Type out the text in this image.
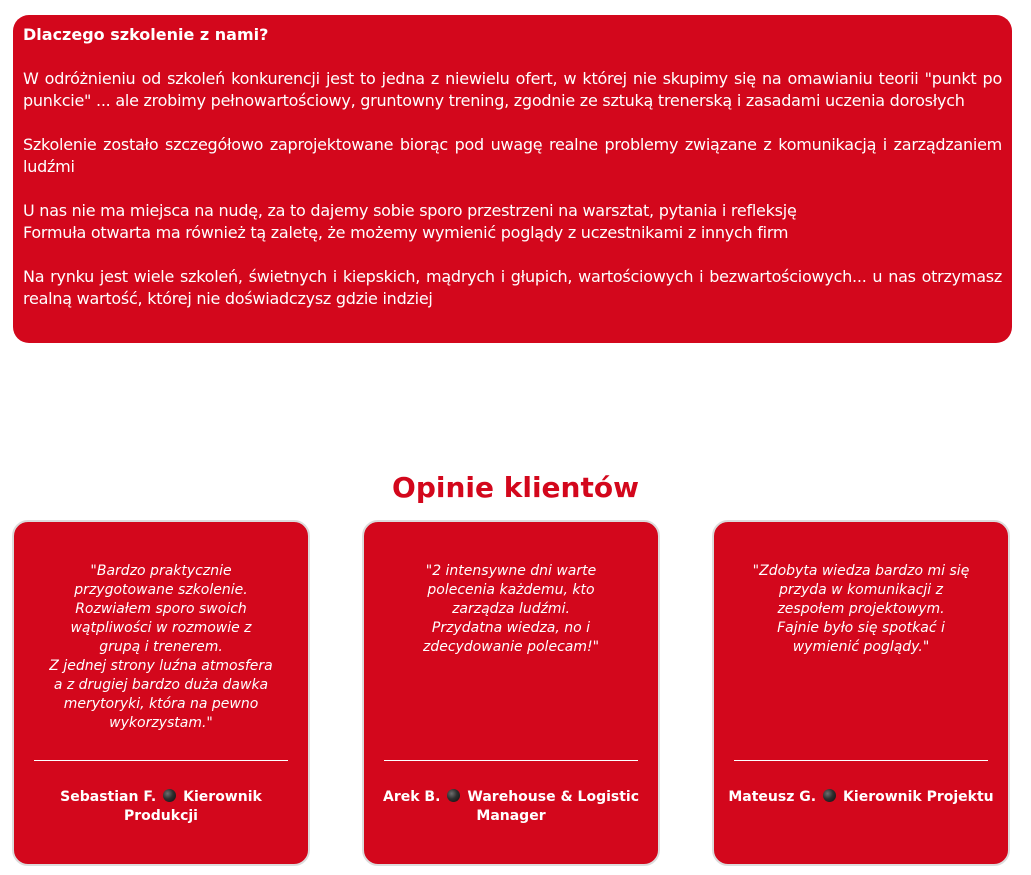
Dlaczego szkolenie z nami?

W odróżnieniu od szkoleń konkurencji jest to jedna z niewielu ofert, w której nie skupimy się na omawianiu teorii "punkt po punkcie" ... ale zrobimy pełnowartościowy, gruntowny trening, zgodnie ze sztuką trenerską i zasadami uczenia dorosłych

Szkolenie zostało szczegółowo zaprojektowane biorąc pod uwagę realne problemy związane z komunikacją i zarządzaniem ludźmi

U nas nie ma miejsca na nudę, za to dajemy sobie sporo przestrzeni na warsztat, pytania i refleksję

Formuła otwarta ma również tą zaletę, że możemy wymienić poglądy z uczestnikami z innych firm

Na rynku jest wiele szkoleń, świetnych i kiepskich, mądrych i głupich, wartościowych i bezwartościowych... u nas otrzymasz realną wartość, której nie doświadczysz gdzie indziej

Opinie klientów

"Bardzo praktycznie
przygotowane szkolenie.
Rozwiałem sporo swoich
wątpliwości w rozmowie z
grupą i trenerem.
Z jednej strony luźna atmosfera
a z drugiej bardzo duża dawka
merytoryki, która na pewno
wykorzystam."

Sebastian F. Kierownik Produkcji

"2 intensywne dni warte
polecenia każdemu, kto
zarządza ludźmi.
Przydatna wiedza, no i
zdecydowanie polecam!"

Arek B. Warehouse & Logistic Manager

"Zdobyta wiedza bardzo mi się
przyda w komunikacji z
zespołem projektowym.
Fajnie było się spotkać i
wymienić poglądy."

Mateusz G. Kierownik Projektu
